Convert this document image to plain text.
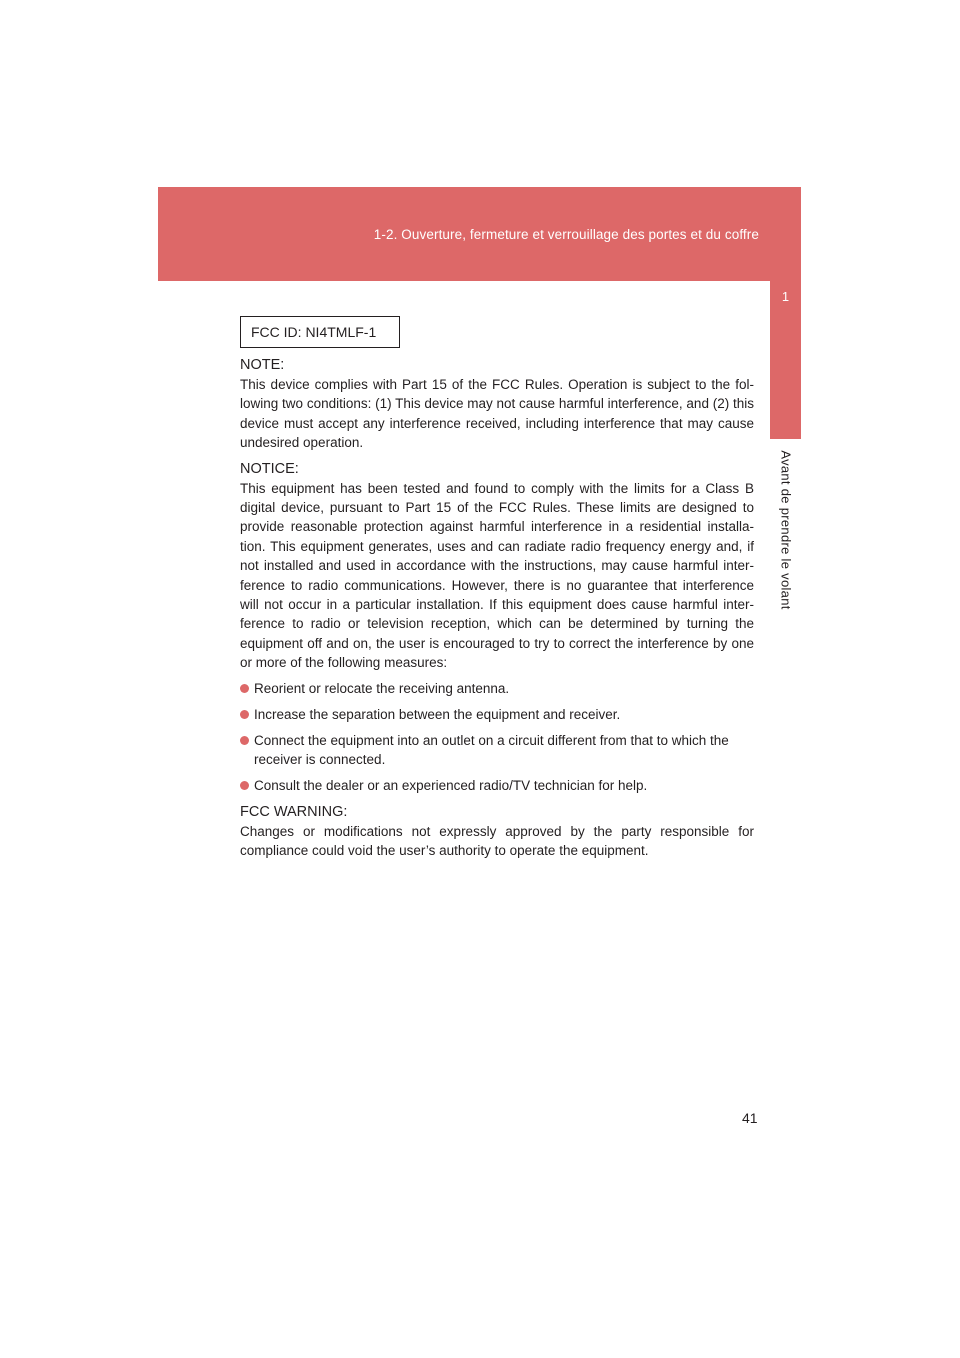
1-2. Ouverture, fermeture et verrouillage des portes et du coffre
1
Avant de prendre le volant
FCC ID: NI4TMLF-1
NOTE:

This device complies with Part 15 of the FCC Rules. Operation is subject to the fol-lowing two conditions: (1) This device may not cause harmful interference, and (2) this device must accept any interference received, including interference that may cause undesired operation.

NOTICE:

This equipment has been tested and found to comply with the limits for a Class B digital device, pursuant to Part 15 of the FCC Rules. These limits are designed to provide reasonable protection against harmful interference in a residential installa-tion. This equipment generates, uses and can radiate radio frequency energy and, if not installed and used in accordance with the instructions, may cause harmful inter-ference to radio communications. However, there is no guarantee that interference will not occur in a particular installation. If this equipment does cause harmful inter-ference to radio or television reception, which can be determined by turning the equipment off and on, the user is encouraged to try to correct the interference by one or more of the following measures:

Reorient or relocate the receiving antenna.
Increase the separation between the equipment and receiver.
Connect the equipment into an outlet on a circuit different from that to which the receiver is connected.
Consult the dealer or an experienced radio/TV technician for help.
FCC WARNING:

Changes or modifications not expressly approved by the party responsible for compliance could void the user’s authority to operate the equipment.

41
